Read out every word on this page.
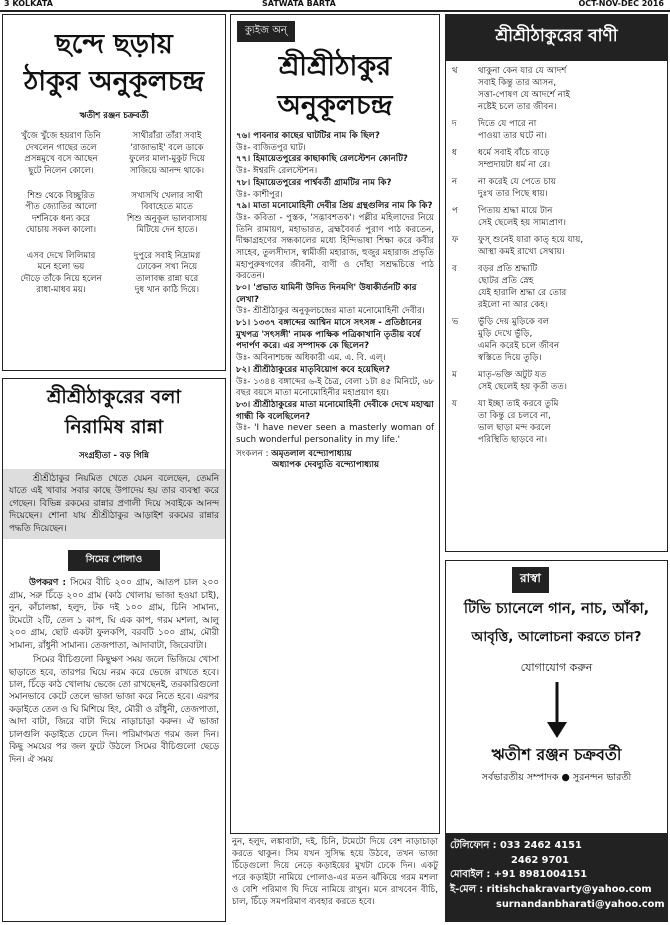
3 KOLKATA	SATWATA BARTA	OCT-NOV-DEC 2016
ছন্দে ছড়ায়
ঠাকুর অনুকূলচন্দ্র
ঋতীশ রঞ্জন চক্রবর্তী
খুঁজে খুঁজে হয়রাণ তিনি
দেখলেন গাছের তলে
প্রসন্নমুখে বসে আছেন
ছুটে নিলেন কোলে।
সাথীরাঁরা তাঁরা সবাই
'রাজাভাই' বলে ডাকে
ফুলের মালা-মুকুট দিয়ে
সাজিয়ে আনন্দ থাকে।
শিশু থেকে বিচ্ছুরিত
পীত জ্যোতির আলো
দর্শনিকে ধন্য করে
ঘোচায় সকল কালো।
সখাসখি খেলার সাথী
বিবাহেতে মাতে
শিশু অনুকূল ভালবাসায়
মিটিয়ে দেন হাতে।
এসব দেখে লিলিমার
মনে হলো ভয়
দৌড়ে তাঁকে নিয়ে হলেন
রাধা-মাধব ময়।
দুপুরে সবাই নিদ্রামগ্ন
ঢোকেন সখা নিয়ে
তালাবন্ধ রান্না ঘরে
দুধ খান কাঠি দিয়ে।
শ্রীশ্রীঠাকুরের বলা
নিরামিষ রান্না
সংগ্রহীতা - বড় গিন্নি
শ্রীশ্রীঠাকুর নিয়মিত খেতে যেমন বলেছেন, তেমনি যাতে এই খাবার সবার কাছে উপাদেয় হয় তার ব্যবস্থা করে গেছেন। বিভিন্ন রকমের রান্নার প্রণালী দিয়ে সবাইকে আনন্দ দিয়েছেন। শোনা যায় শ্রীশ্রীঠাকুর আড়াইশ রকমের রান্নার পদ্ধতি দিয়েছেন।
সিমের পোলাও
উপকরণ : সিমের বীচি ২০০ গ্রাম, আতপ চাল ২০০ গ্রাম, সরু চিঁড়ে ২০০ গ্রাম (কাঠ খোলায় ভাজা হওয়া চাই), নুন, কাঁচালঙ্কা, হলুদ, টক দই ১০০ গ্রাম, চিনি সামান্য, টমেটো ২টি, তেল ১ কাপ, ঘি এক কাপ, গরম মশলা, আলু ২০০ গ্রাম, ছোট একটা ফুলকপি, বরবটি ১০০ গ্রাম, মৌরী সামান্য, রাঁধুনী সামান্য। তেজপাতা, আদাবাটা, জিরেবাটা।
সিমের বীচিগুলো কিছুক্ষণ সময় জলে ভিজিয়ে খোসা ছাড়াতে হবে, তারপর ঘিয়ে নরম করে ভেজে রাখতে হবে। চাল, চিঁড়ে কাঠ খোলায় ভেজে তো রাখছেনই, তরকারিগুলো সমানভাবে কেটে তেলে ভাজা ভাজা করে নিতে হবে। এরপর কড়াইতে তেল ও ঘি মিশিয়ে হিং, মৌরী ও রাঁধুনী, তেজপাতা, আদা বাটা, জিরে বাটা দিয়ে নাড়াচাড়া করুন। ঐ ভাজা চালগুলি কড়াইতে ঢেলে দিন। পরিমাণমত গরম জল দিন। কিছু সময়ের পর জল ফুটে উঠলে সিমের বীচিগুলো ছেড়ে দিন। ঐ সময়
ক্যুইজ অন্
শ্রীশ্রীঠাকুর
অনুকূলচন্দ্র
৭৬। পাবনার কাছের ঘাটটির নাম কি ছিল?
উঃ- বাজিতপুর ঘাট।
৭৭। হিমায়েতপুরের কাছাকাছি রেলস্টেশন কোনটি?
উঃ- ঈশ্বরদি রেলস্টেশন।
৭৮। হিমায়েতপুরের পার্শ্ববর্তী গ্রামটির নাম কি?
উঃ- কাশীপুর।
৭৯। মাতা মনোমোহিনী দেবীর প্রিয় গ্রন্থগুলির নাম কি কি?
উঃ- কবিতা - পুস্তক, 'সদ্ভাবশতক'। পল্লীর মহিলাদের নিয়ে তিনি রামায়ণ, মহাভারত, ব্রহ্মবৈবর্ত পুরাণ পাঠ করতেন, দীক্ষাগ্রহণের সন্ধকালের মধ্যে হিন্দিভাষা শিক্ষা করে কবীর সাহেব, তুলসীদাস, স্বামীজী মহারাজ, হুজুর মহারাজ প্রভৃতি মহাপুরুষগণের জীবনী, বাণী ও দোঁহা সশ্রদ্ধচিত্তে পাঠ করতেন।
৮০। 'প্রভাত যামিনী উদিত দিনমণি' উষাকীর্তনটি কার লেখা?
উঃ- শ্রীশ্রীঠাকুর অনুকূলচন্দ্রের মাতা মনোমোহিনী দেবীর।
৮১। ১৩৩৭ বঙ্গাব্দের আশ্বিন মাসে সৎসঙ্গ - প্রতিষ্ঠানের মুখপত্র 'সৎসঙ্গী' নামক পাক্ষিক পত্রিকাখানি তৃতীয় বর্ষে পদার্পণ করে। এর সম্পাদক কে ছিলেন?
উঃ- অবিনাশচন্দ্র অধিকারী এম. এ. বি. এল্।
৮২। শ্রীশ্রীঠাকুরের মাতৃবিয়োগ কবে হয়েছিল?
উঃ- ১৩৪৪ বঙ্গাব্দের ৬-ই চৈত্র, বেলা ১টা ৪৫ মিনিটে, ৬৮ বছর বয়সে মাতা মনোমোহিনীর মহাপ্রয়াণ হয়।
৮৩। শ্রীশ্রীঠাকুরের মাতা মনোমোহিনী দেবীকে দেখে মহাত্মা গান্ধী কি বলেছিলেন?
উঃ- 'I have never seen a masterly woman of such wonderful personality in my life.'
সংকলন : অমৃতলাল বন্দ্যোপাধ্যায়
অধ্যাপক দেবদ্যুতি বন্দ্যোপাধ্যায়
নুন, হলুদ, লঙ্কাবাটা, দই, চিনি, টমেটো দিয়ে বেশ নাড়াচাড়া করতে থাকুন। সিম যখন সুসিদ্ধ হয়ে উঠবে, তখন ভাজা চিঁড়েগুলো দিয়ে নেড়ে কড়াইয়ের মুখটা ঢেকে দিন। একটু পরে কড়াইটা নামিয়ে পোলাও-এর মতন ঝাঁকিয়ে গরম মশলা ও বেশি পরিমাণ ঘি দিয়ে নামিয়ে রাখুন। মনে রাখবেন বীচি, চাল, চিঁড়ে সমপরিমাণ ব্যবহার করতে হবে।
শ্রীশ্রীঠাকুরের বাণী
থ	থাকুনা কেন যার যে আদর্শ
সবাই কিন্তু তার আসন,
সত্তা-পোষণ যে আদর্শে নাই
নষ্টেই চলে তার জীবন।
দ	দিতে যে পারে না
পাওয়া তার ঘটে না।
ধ	ধর্মে সবাই বাঁচে বাড়ে
সম্প্রদায়টা ধর্ম না রে।
ন	না করেই যে পেতে চায়
দুঃখ তার পিছে ধায়।
প	পিতায় শ্রদ্ধা মায়ে টান
সেই ছেলেই হয় সাম্যপ্রাণ।
ফ	ফুস্‌ শুনেই যারা কাত্‌ হয়ে যায়,
আস্থা কমই রাখো সেথায়।
ব	বড়র প্রতি শ্রদ্ধাটি
ছোটর প্রতি স্নেহ
যেই হারালি শ্রদ্ধা রে তোর
রইলো না আর কেহ।
ভ	ভুঁড়ি দেয় মুড়িকে বল
মুড়ি দেখে ভুঁড়ি,
এমনি করেই চলে জীবন
স্বস্তিতে দিয়ে তুড়ি।
ম	মাতৃ-ভক্তি অটুট যত
সেই ছেলেই হয় কৃতী তত।
য	যা ইচ্ছা তাই করবে তুমি
তা কিন্তু রে চলবে না,
ভাল ছাড়া মন্দ করলে
পরিস্থিতি ছাড়বে না।
রাস্বা
টিভি চ্যানেলে গান, নাচ, আঁকা,
আবৃত্তি, আলোচনা করতে চান?
যোগাযোগ করুন
ঋতীশ রঞ্জন চক্রবর্তী
সর্বভারতীয় সম্পাদক ● সুরনন্দন ভারতী
টেলিফোন : 033 2462 4151
2462 9701
মোবাইল : +91 8981004151
ই-মেল : ritishchakravarty@yahoo.com
surnandanbharati@yahoo.com
